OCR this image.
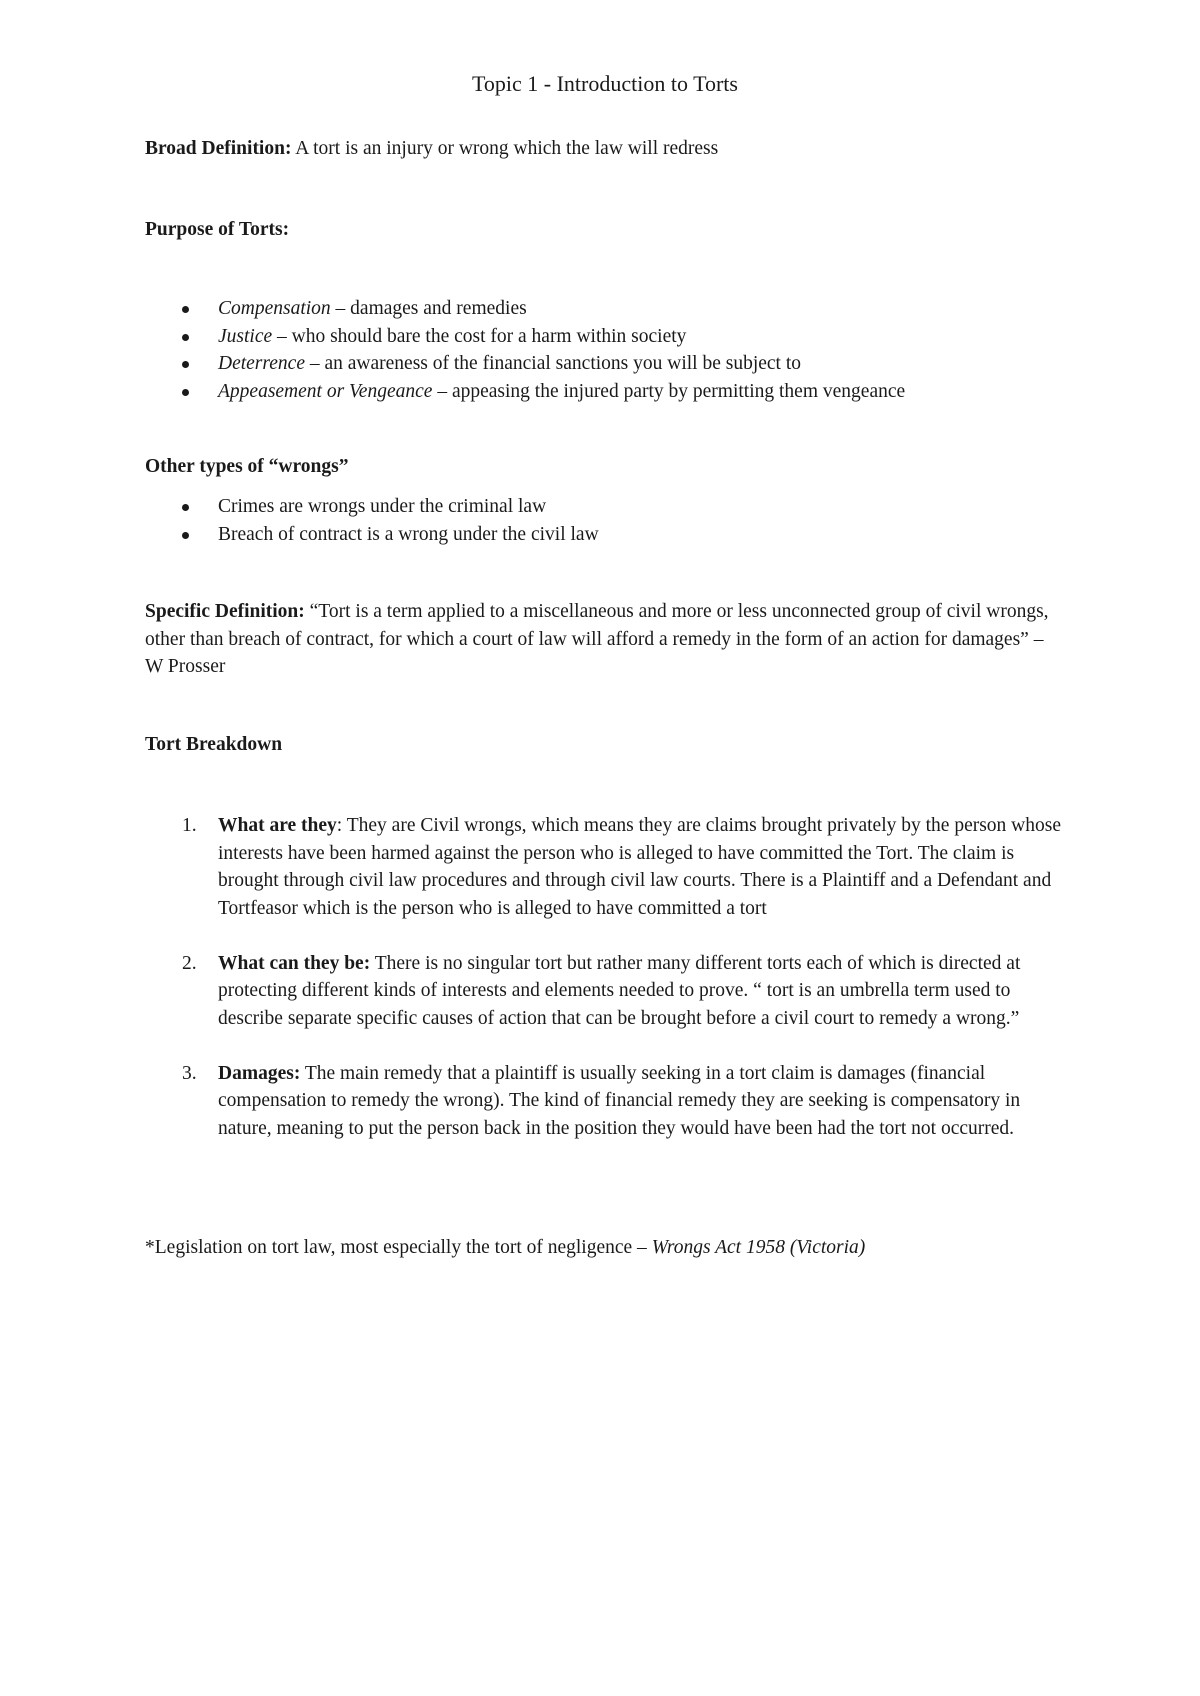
Topic 1 - Introduction to Torts
Broad Definition: A tort is an injury or wrong which the law will redress
Purpose of Torts:
Compensation – damages and remedies
Justice – who should bare the cost for a harm within society
Deterrence – an awareness of the financial sanctions you will be subject to
Appeasement or Vengeance – appeasing the injured party by permitting them vengeance
Other types of “wrongs”
Crimes are wrongs under the criminal law
Breach of contract is a wrong under the civil law
Specific Definition: “Tort is a term applied to a miscellaneous and more or less unconnected group of civil wrongs, other than breach of contract, for which a court of law will afford a remedy in the form of an action for damages” – W Prosser
Tort Breakdown
1. What are they: They are Civil wrongs, which means they are claims brought privately by the person whose interests have been harmed against the person who is alleged to have committed the Tort. The claim is brought through civil law procedures and through civil law courts. There is a Plaintiff and a Defendant and Tortfeasor which is the person who is alleged to have committed a tort
2. What can they be: There is no singular tort but rather many different torts each of which is directed at protecting different kinds of interests and elements needed to prove. “ tort is an umbrella term used to describe separate specific causes of action that can be brought before a civil court to remedy a wrong.”
3. Damages: The main remedy that a plaintiff is usually seeking in a tort claim is damages (financial compensation to remedy the wrong). The kind of financial remedy they are seeking is compensatory in nature, meaning to put the person back in the position they would have been had the tort not occurred.
*Legislation on tort law, most especially the tort of negligence – Wrongs Act 1958 (Victoria)
